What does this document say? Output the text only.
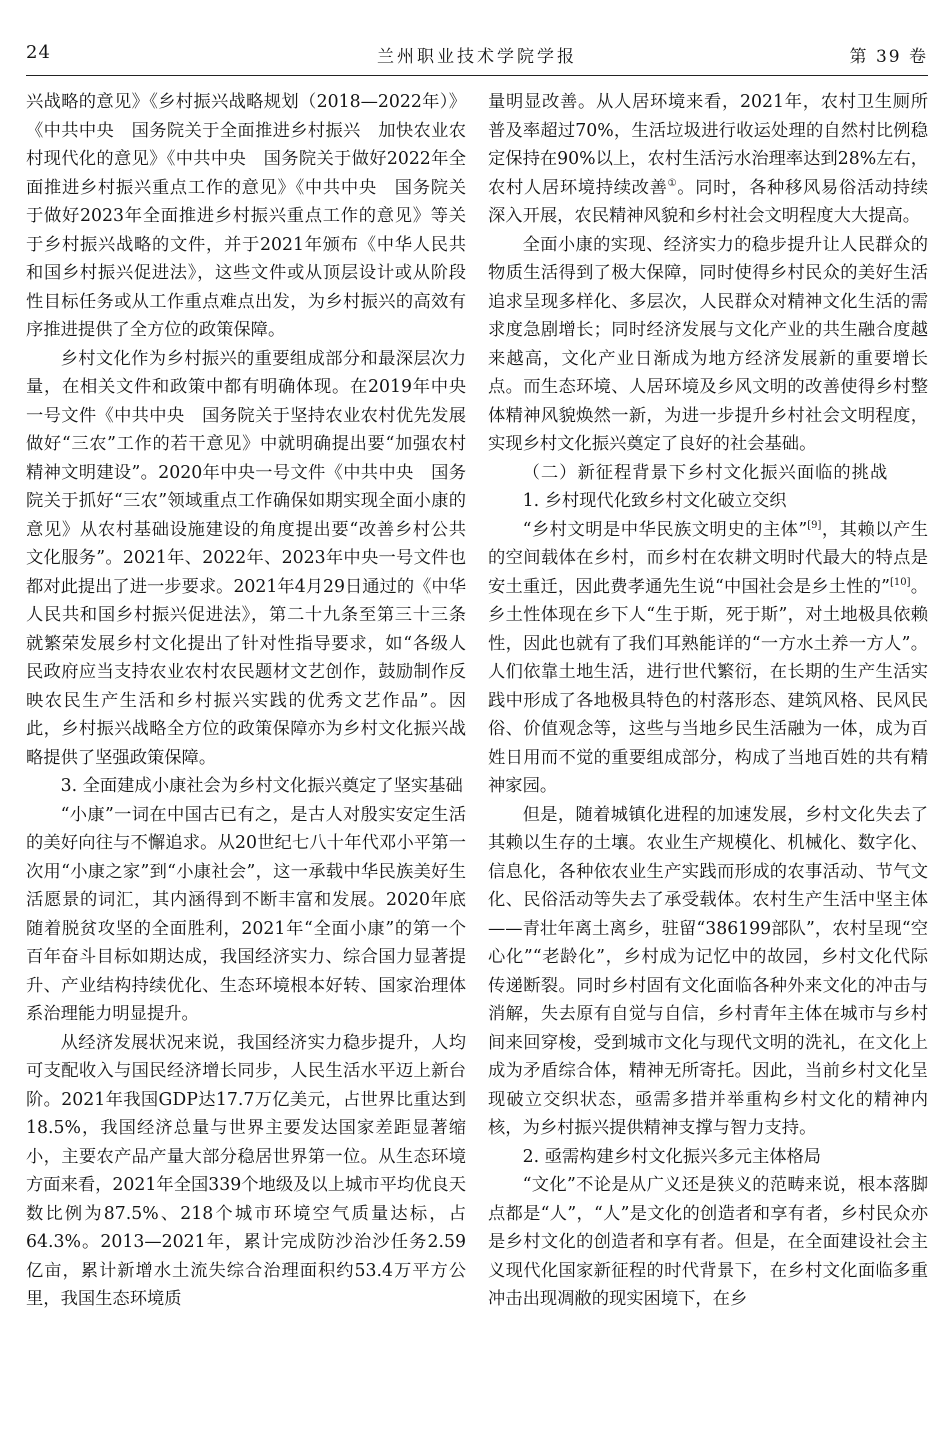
24	兰州职业技术学院学报	第 39 卷

兴战略的意见》《乡村振兴战略规划（2018—2022年）》《中共中央　国务院关于全面推进乡村振兴　加快农业农村现代化的意见》《中共中央　国务院关于做好2022年全面推进乡村振兴重点工作的意见》《中共中央　国务院关于做好2023年全面推进乡村振兴重点工作的意见》等关于乡村振兴战略的文件，并于2021年颁布《中华人民共和国乡村振兴促进法》，这些文件或从顶层设计或从阶段性目标任务或从工作重点难点出发，为乡村振兴的高效有序推进提供了全方位的政策保障。

乡村文化作为乡村振兴的重要组成部分和最深层次力量，在相关文件和政策中都有明确体现。在2019年中央一号文件《中共中央　国务院关于坚持农业农村优先发展做好“三农”工作的若干意见》中就明确提出要“加强农村精神文明建设”。2020年中央一号文件《中共中央　国务院关于抓好“三农”领域重点工作确保如期实现全面小康的意见》从农村基础设施建设的角度提出要“改善乡村公共文化服务”。2021年、2022年、2023年中央一号文件也都对此提出了进一步要求。2021年4月29日通过的《中华人民共和国乡村振兴促进法》，第二十九条至第三十三条就繁荣发展乡村文化提出了针对性指导要求，如“各级人民政府应当支持农业农村农民题材文艺创作，鼓励制作反映农民生产生活和乡村振兴实践的优秀文艺作品”。因此，乡村振兴战略全方位的政策保障亦为乡村文化振兴战略提供了坚强政策保障。

3. 全面建成小康社会为乡村文化振兴奠定了坚实基础

“小康”一词在中国古已有之，是古人对殷实安定生活的美好向往与不懈追求。从20世纪七八十年代邓小平第一次用“小康之家”到“小康社会”，这一承载中华民族美好生活愿景的词汇，其内涵得到不断丰富和发展。2020年底随着脱贫攻坚的全面胜利，2021年“全面小康”的第一个百年奋斗目标如期达成，我国经济实力、综合国力显著提升、产业结构持续优化、生态环境根本好转、国家治理体系治理能力明显提升。

从经济发展状况来说，我国经济实力稳步提升，人均可支配收入与国民经济增长同步，人民生活水平迈上新台阶。2021年我国GDP达17.7万亿美元，占世界比重达到18.5%，我国经济总量与世界主要发达国家差距显著缩小，主要农产品产量大部分稳居世界第一位。从生态环境方面来看，2021年全国339个地级及以上城市平均优良天数比例为87.5%、218个城市环境空气质量达标，占64.3%。2013—2021年，累计完成防沙治沙任务2.59亿亩，累计新增水土流失综合治理面积约53.4万平方公里，我国生态环境质

量明显改善。从人居环境来看，2021年，农村卫生厕所普及率超过70%，生活垃圾进行收运处理的自然村比例稳定保持在90%以上，农村生活污水治理率达到28%左右，农村人居环境持续改善①。同时，各种移风易俗活动持续深入开展，农民精神风貌和乡村社会文明程度大大提高。

全面小康的实现、经济实力的稳步提升让人民群众的物质生活得到了极大保障，同时使得乡村民众的美好生活追求呈现多样化、多层次，人民群众对精神文化生活的需求度急剧增长；同时经济发展与文化产业的共生融合度越来越高，文化产业日渐成为地方经济发展新的重要增长点。而生态环境、人居环境及乡风文明的改善使得乡村整体精神风貌焕然一新，为进一步提升乡村社会文明程度，实现乡村文化振兴奠定了良好的社会基础。

（二）新征程背景下乡村文化振兴面临的挑战

1. 乡村现代化致乡村文化破立交织

“乡村文明是中华民族文明史的主体”[9]，其赖以产生的空间载体在乡村，而乡村在农耕文明时代最大的特点是安土重迁，因此费孝通先生说“中国社会是乡土性的”[10]。乡土性体现在乡下人“生于斯，死于斯”，对土地极具依赖性，因此也就有了我们耳熟能详的“一方水土养一方人”。人们依靠土地生活，进行世代繁衍，在长期的生产生活实践中形成了各地极具特色的村落形态、建筑风格、民风民俗、价值观念等，这些与当地乡民生活融为一体，成为百姓日用而不觉的重要组成部分，构成了当地百姓的共有精神家园。

但是，随着城镇化进程的加速发展，乡村文化失去了其赖以生存的土壤。农业生产规模化、机械化、数字化、信息化，各种依农业生产实践而形成的农事活动、节气文化、民俗活动等失去了承受载体。农村生产生活中坚主体——青壮年离土离乡，驻留“386199部队”，农村呈现“空心化”“老龄化”，乡村成为记忆中的故园，乡村文化代际传递断裂。同时乡村固有文化面临各种外来文化的冲击与消解，失去原有自觉与自信，乡村青年主体在城市与乡村间来回穿梭，受到城市文化与现代文明的洗礼，在文化上成为矛盾综合体，精神无所寄托。因此，当前乡村文化呈现破立交织状态，亟需多措并举重构乡村文化的精神内核，为乡村振兴提供精神支撑与智力支持。

2. 亟需构建乡村文化振兴多元主体格局

“文化”不论是从广义还是狭义的范畴来说，根本落脚点都是“人”，“人”是文化的创造者和享有者，乡村民众亦是乡村文化的创造者和享有者。但是，在全面建设社会主义现代化国家新征程的时代背景下，在乡村文化面临多重冲击出现凋敝的现实困境下，在乡
